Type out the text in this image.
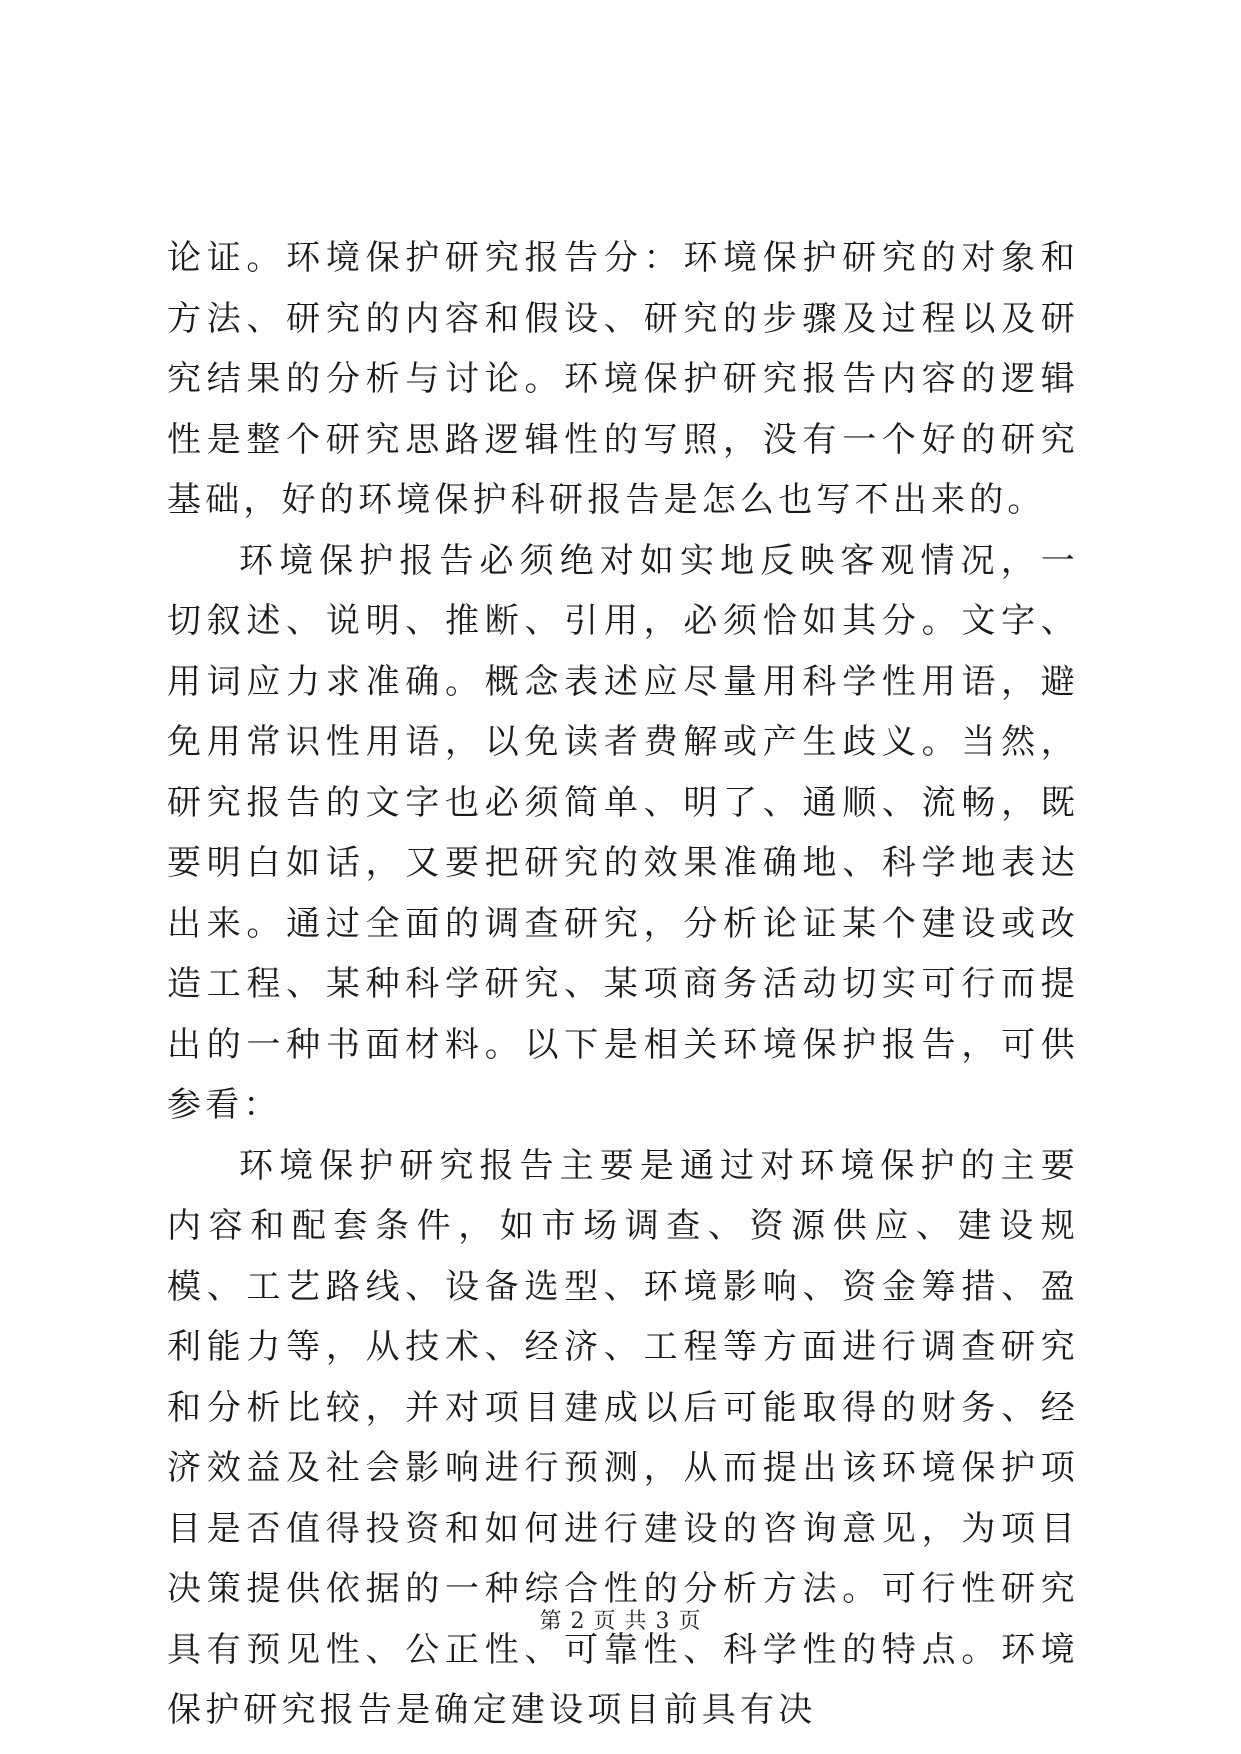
论证。环境保护研究报告分：环境保护研究的对象和方法、研究的内容和假设、研究的步骤及过程以及研究结果的分析与讨论。环境保护研究报告内容的逻辑性是整个研究思路逻辑性的写照，没有一个好的研究基础，好的环境保护科研报告是怎么也写不出来的。

环境保护报告必须绝对如实地反映客观情况，一切叙述、说明、推断、引用，必须恰如其分。文字、用词应力求准确。概念表述应尽量用科学性用语，避免用常识性用语，以免读者费解或产生歧义。当然，研究报告的文字也必须简单、明了、通顺、流畅，既要明白如话，又要把研究的效果准确地、科学地表达出来。通过全面的调查研究，分析论证某个建设或改造工程、某种科学研究、某项商务活动切实可行而提出的一种书面材料。以下是相关环境保护报告，可供参看：

环境保护研究报告主要是通过对环境保护的主要内容和配套条件，如市场调查、资源供应、建设规模、工艺路线、设备选型、环境影响、资金筹措、盈利能力等，从技术、经济、工程等方面进行调查研究和分析比较，并对项目建成以后可能取得的财务、经济效益及社会影响进行预测，从而提出该环境保护项目是否值得投资和如何进行建设的咨询意见，为项目决策提供依据的一种综合性的分析方法。可行性研究具有预见性、公正性、可靠性、科学性的特点。环境保护研究报告是确定建设项目前具有决

第 2 页 共 3 页
